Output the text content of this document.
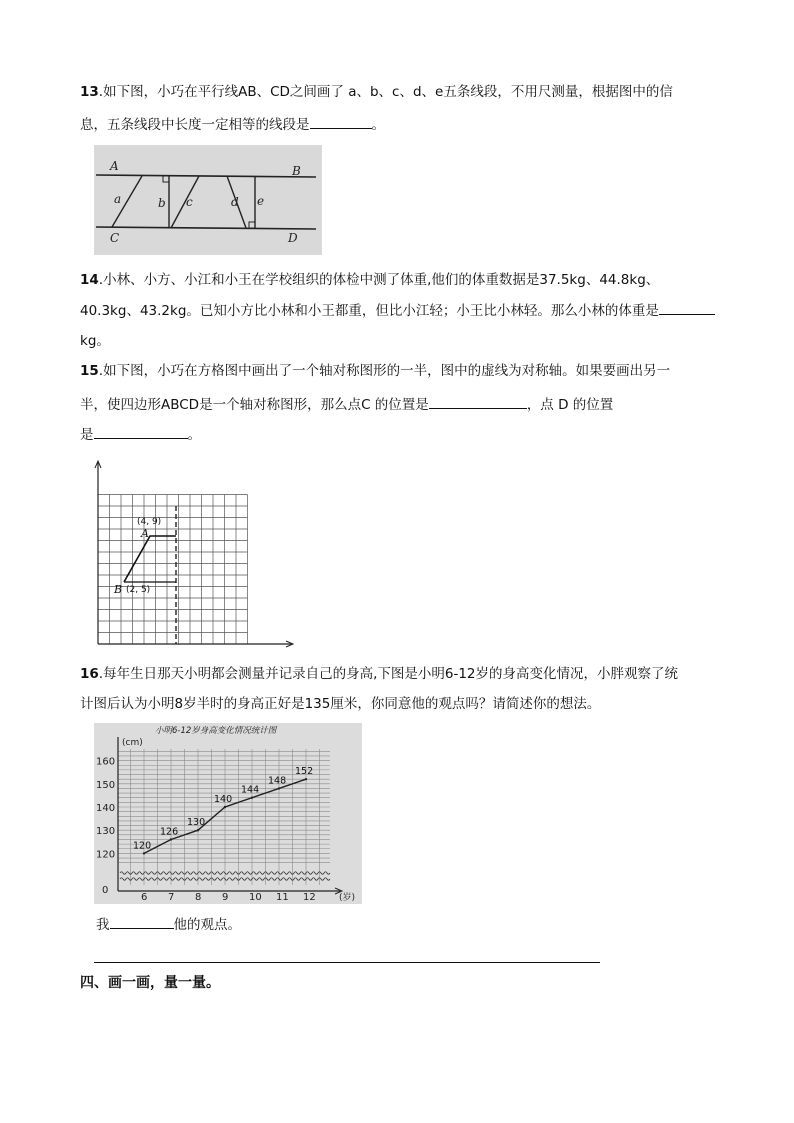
13.如下图，小巧在平行线AB、CD之间画了 a、b、c、d、e五条线段，不用尺测量，根据图中的信
息，五条线段中长度一定相等的线段是	。
A	B
C	D
a	b c	d e
14.小林、小方、小江和小王在学校组织的体检中测了体重,他们的体重数据是37.5kg、44.8kg、
40.3kg、43.2kg。已知小方比小林和小王都重，但比小江轻；小王比小林轻。那么小林的体重是
kg。
15.如下图，小巧在方格图中画出了一个轴对称图形的一半，图中的虚线为对称轴。如果要画出另一
半，使四边形ABCD是一个轴对称图形，那么点C 的位置是	，点 D 的位置
是	。
(4, 9)
(2, 5)
A
B
16.每年生日那天小明都会测量并记录自己的身高,下图是小明6-12岁的身高变化情况，小胖观察了统
计图后认为小明8岁半时的身高正好是135厘米，你同意他的观点吗？请简述你的想法。
小明6-12岁身高变化情况统计图
(cm)
(岁)
0
120
130
140
150
160
6 7 8 9 10 11 12
120
126
130
140
144
148
152
我	他的观点。
四、画一画，量一量。
